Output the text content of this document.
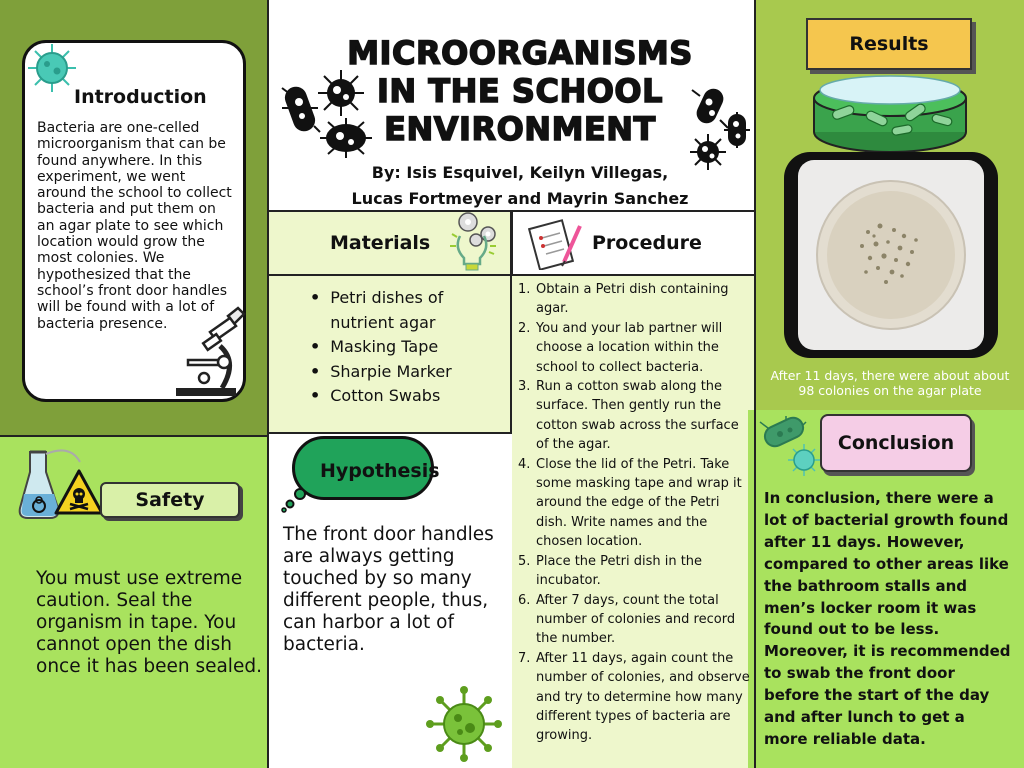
Introduction
Bacteria are one-celled microorganism that can be found anywhere. In this experiment, we went around the school to collect bacteria and put them on an agar plate to see which location would grow the most colonies. We hypothesized that the school’s front door handles will be found with a lot of bacteria presence.
MICROORGANISMS
IN THE SCHOOL
ENVIRONMENT
By: Isis Esquivel, Keilyn Villegas,
Lucas Fortmeyer and Mayrin Sanchez
Materials
• Petri dishes of nutrient agar
• Masking Tape
• Sharpie Marker
• Cotton Swabs
Procedure
1. Obtain a Petri dish containing agar.
2. You and your lab partner will choose a location within the school to collect bacteria.
3. Run a cotton swab along the surface. Then gently run the cotton swab across the surface of the agar.
4. Close the lid of the Petri. Take some masking tape and wrap it around the edge of the Petri dish. Write names and the chosen location.
5. Place the Petri dish in the incubator.
6. After 7 days, count the total number of colonies and record the number.
7. After 11 days, again count the number of colonies, and observe and try to determine how many different types of bacteria are growing.
Results
After 11 days, there were about about
98 colonies on the agar plate
Conclusion
In conclusion, there were a lot of bacterial growth found after 11 days. However, compared to other areas like the bathroom stalls and men’s locker room it was found out to be less. Moreover, it is recommended to swab the front door before the start of the day and after lunch to get a more reliable data.
Safety
You must use extreme caution. Seal the organism in tape. You cannot open the dish once it has been sealed.
Hypothesis
The front door handles are always getting touched by so many different people, thus, can harbor a lot of bacteria.
